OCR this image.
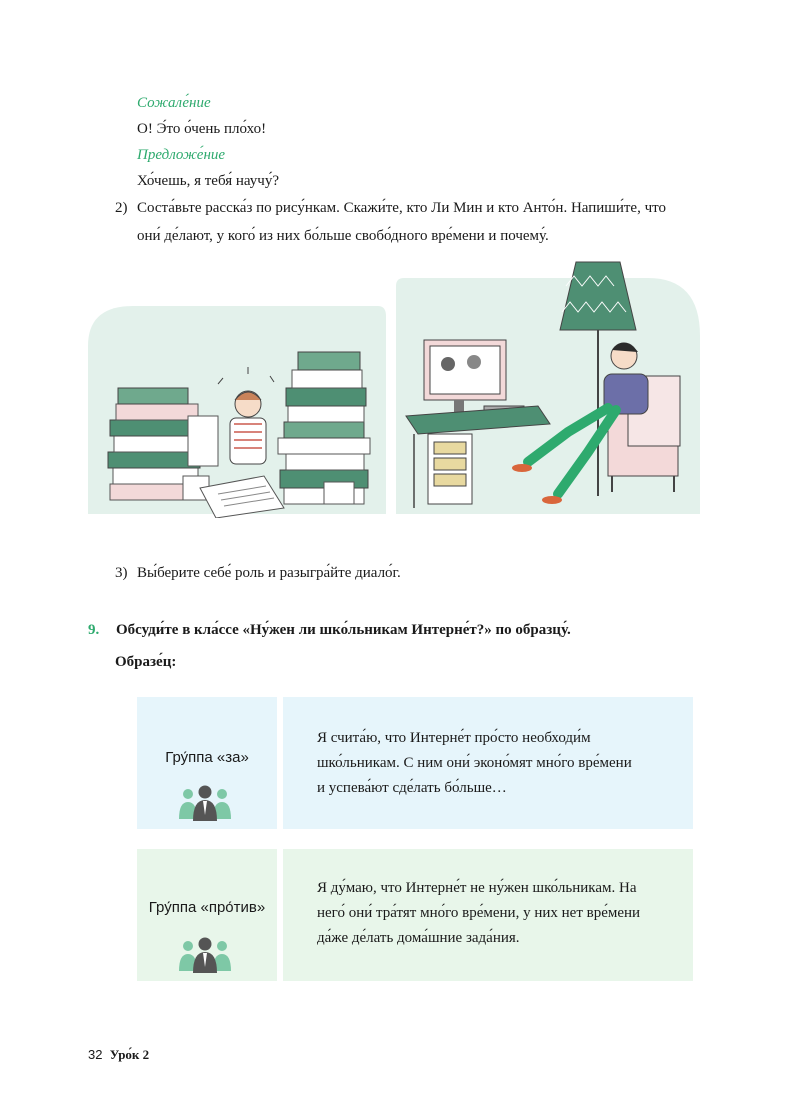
Сожале́ние
О! Э́то о́чень пло́хо!
Предложе́ние
Хо́чешь, я тебя́ научу́?
2) Соста́вьте расска́з по рису́нкам. Скажи́те, кто Ли Мин и кто Анто́н. Напиши́те, что
они́ де́лают, у кого́ из них бо́льше свобо́дного вре́мени и почему́.
3) Вы́берите себе́ роль и разыгра́йте диало́г.
9. Обсуди́те в кла́ссе «Ну́жен ли шко́льникам Интерне́т?» по образцу́.
Образе́ц:
Гру́ппа «за»
Я счита́ю, что Интерне́т про́сто необходи́м
шко́льникам. С ним они́ эконо́мят мно́го вре́мени
и успева́ют сде́лать бо́льше…
Гру́ппа «про́тив»
Я ду́маю, что Интерне́т не ну́жен шко́льникам. На
него́ они́ тра́тят мно́го вре́мени, у них нет вре́мени
да́же де́лать дома́шние зада́ния.
32 Уро́к 2
